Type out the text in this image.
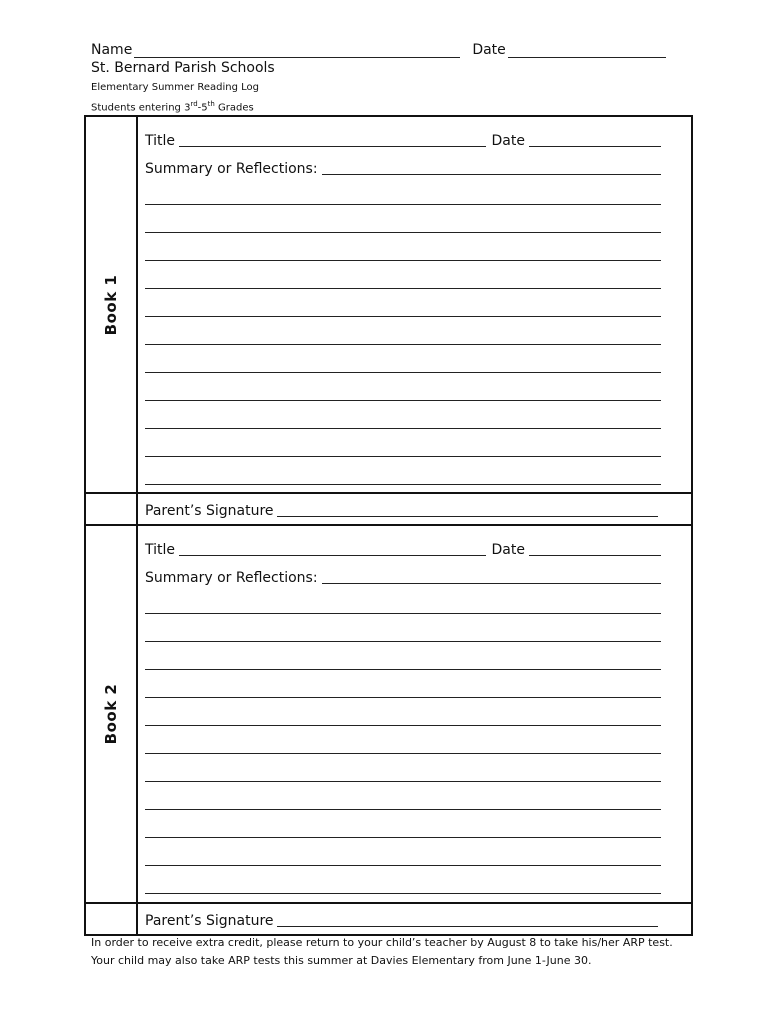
Name	Date
St. Bernard Parish Schools
Elementary Summer Reading Log
Students entering 3rd-5th Grades
Book 1
Title	Date
Summary or Reflections:
Parent’s Signature
Book 2
Title	Date
Summary or Reflections:
Parent’s Signature
In order to receive extra credit, please return to your child’s teacher by August 8 to take his/her ARP test. Your child may also take ARP tests this summer at Davies Elementary from June 1-June 30.
